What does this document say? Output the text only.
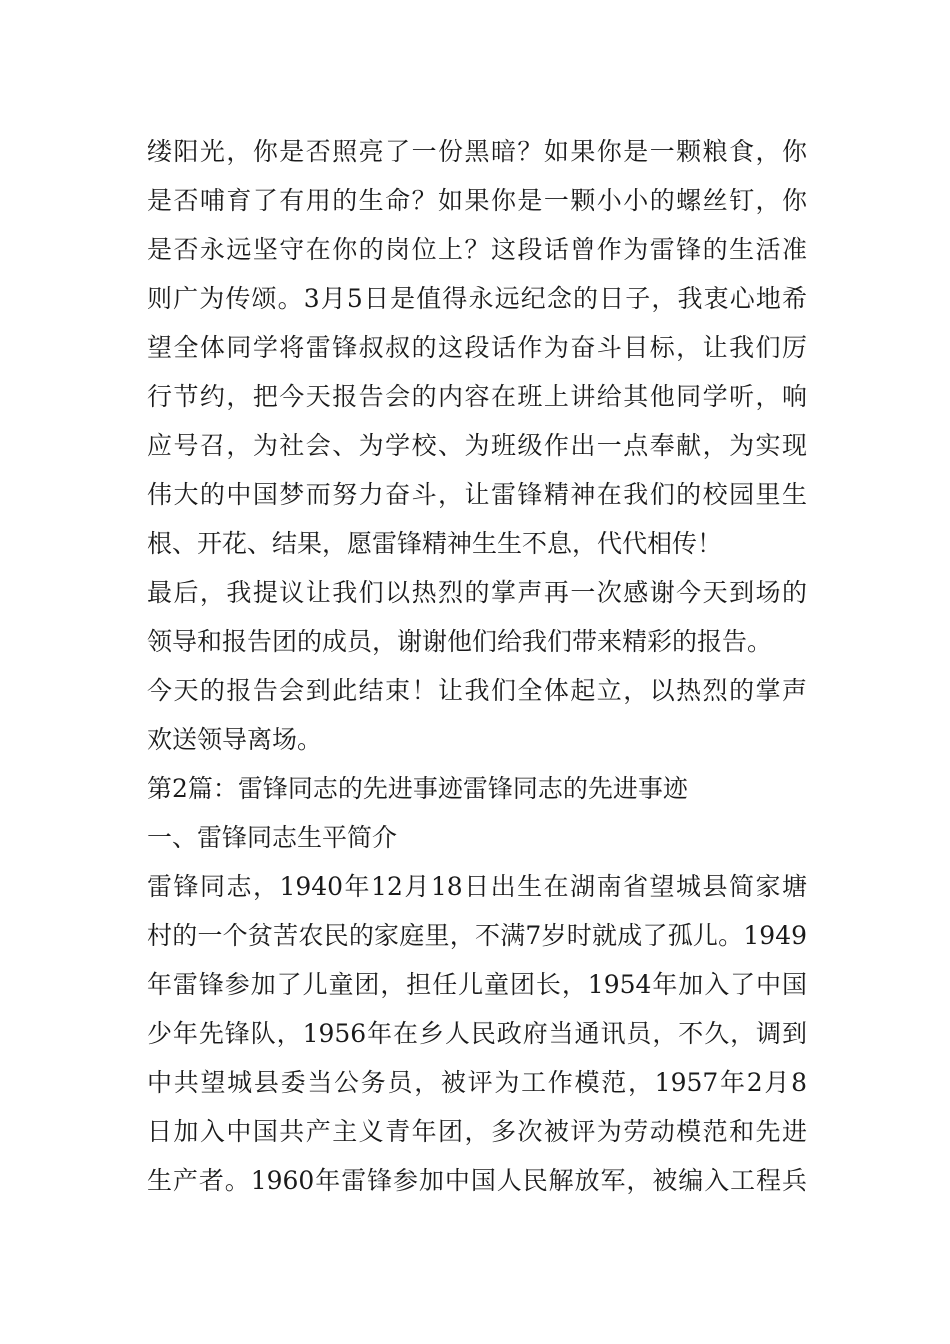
缕阳光，你是否照亮了一份黑暗？如果你是一颗粮食，你
是否哺育了有用的生命？如果你是一颗小小的螺丝钉，你
是否永远坚守在你的岗位上？这段话曾作为雷锋的生活准
则广为传颂。3月5日是值得永远纪念的日子，我衷心地希
望全体同学将雷锋叔叔的这段话作为奋斗目标，让我们厉
行节约，把今天报告会的内容在班上讲给其他同学听，响
应号召，为社会、为学校、为班级作出一点奉献，为实现
伟大的中国梦而努力奋斗，让雷锋精神在我们的校园里生
根、开花、结果，愿雷锋精神生生不息，代代相传！
最后，我提议让我们以热烈的掌声再一次感谢今天到场的
领导和报告团的成员，谢谢他们给我们带来精彩的报告。
今天的报告会到此结束！让我们全体起立，以热烈的掌声
欢送领导离场。
第2篇：雷锋同志的先进事迹雷锋同志的先进事迹
一、雷锋同志生平简介
雷锋同志，1940年12月18日出生在湖南省望城县简家塘
村的一个贫苦农民的家庭里，不满7岁时就成了孤儿。1949
年雷锋参加了儿童团，担任儿童团长，1954年加入了中国
少年先锋队，1956年在乡人民政府当通讯员，不久，调到
中共望城县委当公务员，被评为工作模范，1957年2月8
日加入中国共产主义青年团，多次被评为劳动模范和先进
生产者。1960年雷锋参加中国人民解放军，被编入工程兵
